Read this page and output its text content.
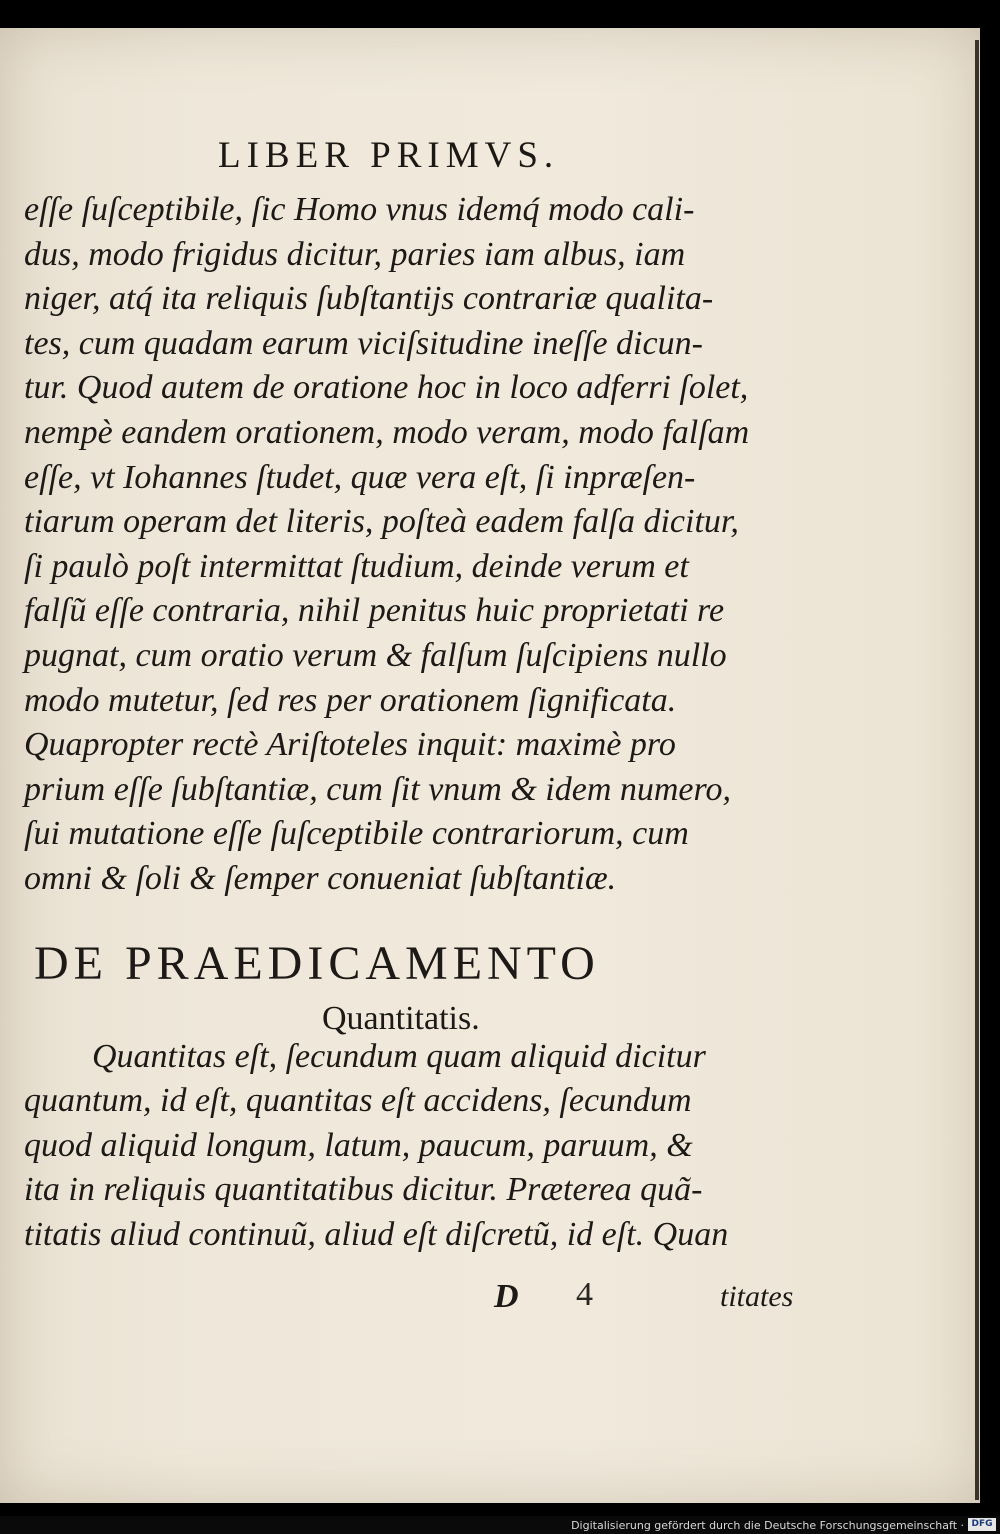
LIBER PRIMVS.
eſſe ſuſceptibile, ſic Homo vnus idemq́ modo cali-
dus, modo frigidus dicitur, paries iam albus, iam
niger, atq́ ita reliquis ſubſtantijs contrariæ qualita-
tes, cum quadam earum viciſsitudine ineſſe dicun-
tur. Quod autem de oratione hoc in loco adferri ſolet,
nempè eandem orationem, modo veram, modo falſam
eſſe, vt Iohannes ſtudet, quæ vera eſt, ſi inpræſen-
tiarum operam det literis, poſteà eadem falſa dicitur,
ſi paulò poſt intermittat ſtudium, deinde verum et
falſũ eſſe contraria, nihil penitus huic proprietati re
pugnat, cum oratio verum & falſum ſuſcipiens nullo
modo mutetur, ſed res per orationem ſignificata.
Quapropter rectè Ariſtoteles inquit: maximè pro
prium eſſe ſubſtantiæ, cum ſit vnum & idem numero,
ſui mutatione eſſe ſuſceptibile contrariorum, cum
omni & ſoli & ſemper conueniat ſubſtantiæ.
DE PRAEDICAMENTO
Quantitatis.
Quantitas eſt, ſecundum quam aliquid dicitur
quantum, id eſt, quantitas eſt accidens, ſecundum
quod aliquid longum, latum, paucum, paruum, &
ita in reliquis quantitatibus dicitur. Præterea quã-
titatis aliud continuũ, aliud eſt diſcretũ, id eſt. Quan
D 4	titates
Digitalisierung gefördert durch die Deutsche Forschungsgemeinschaft · DFG
